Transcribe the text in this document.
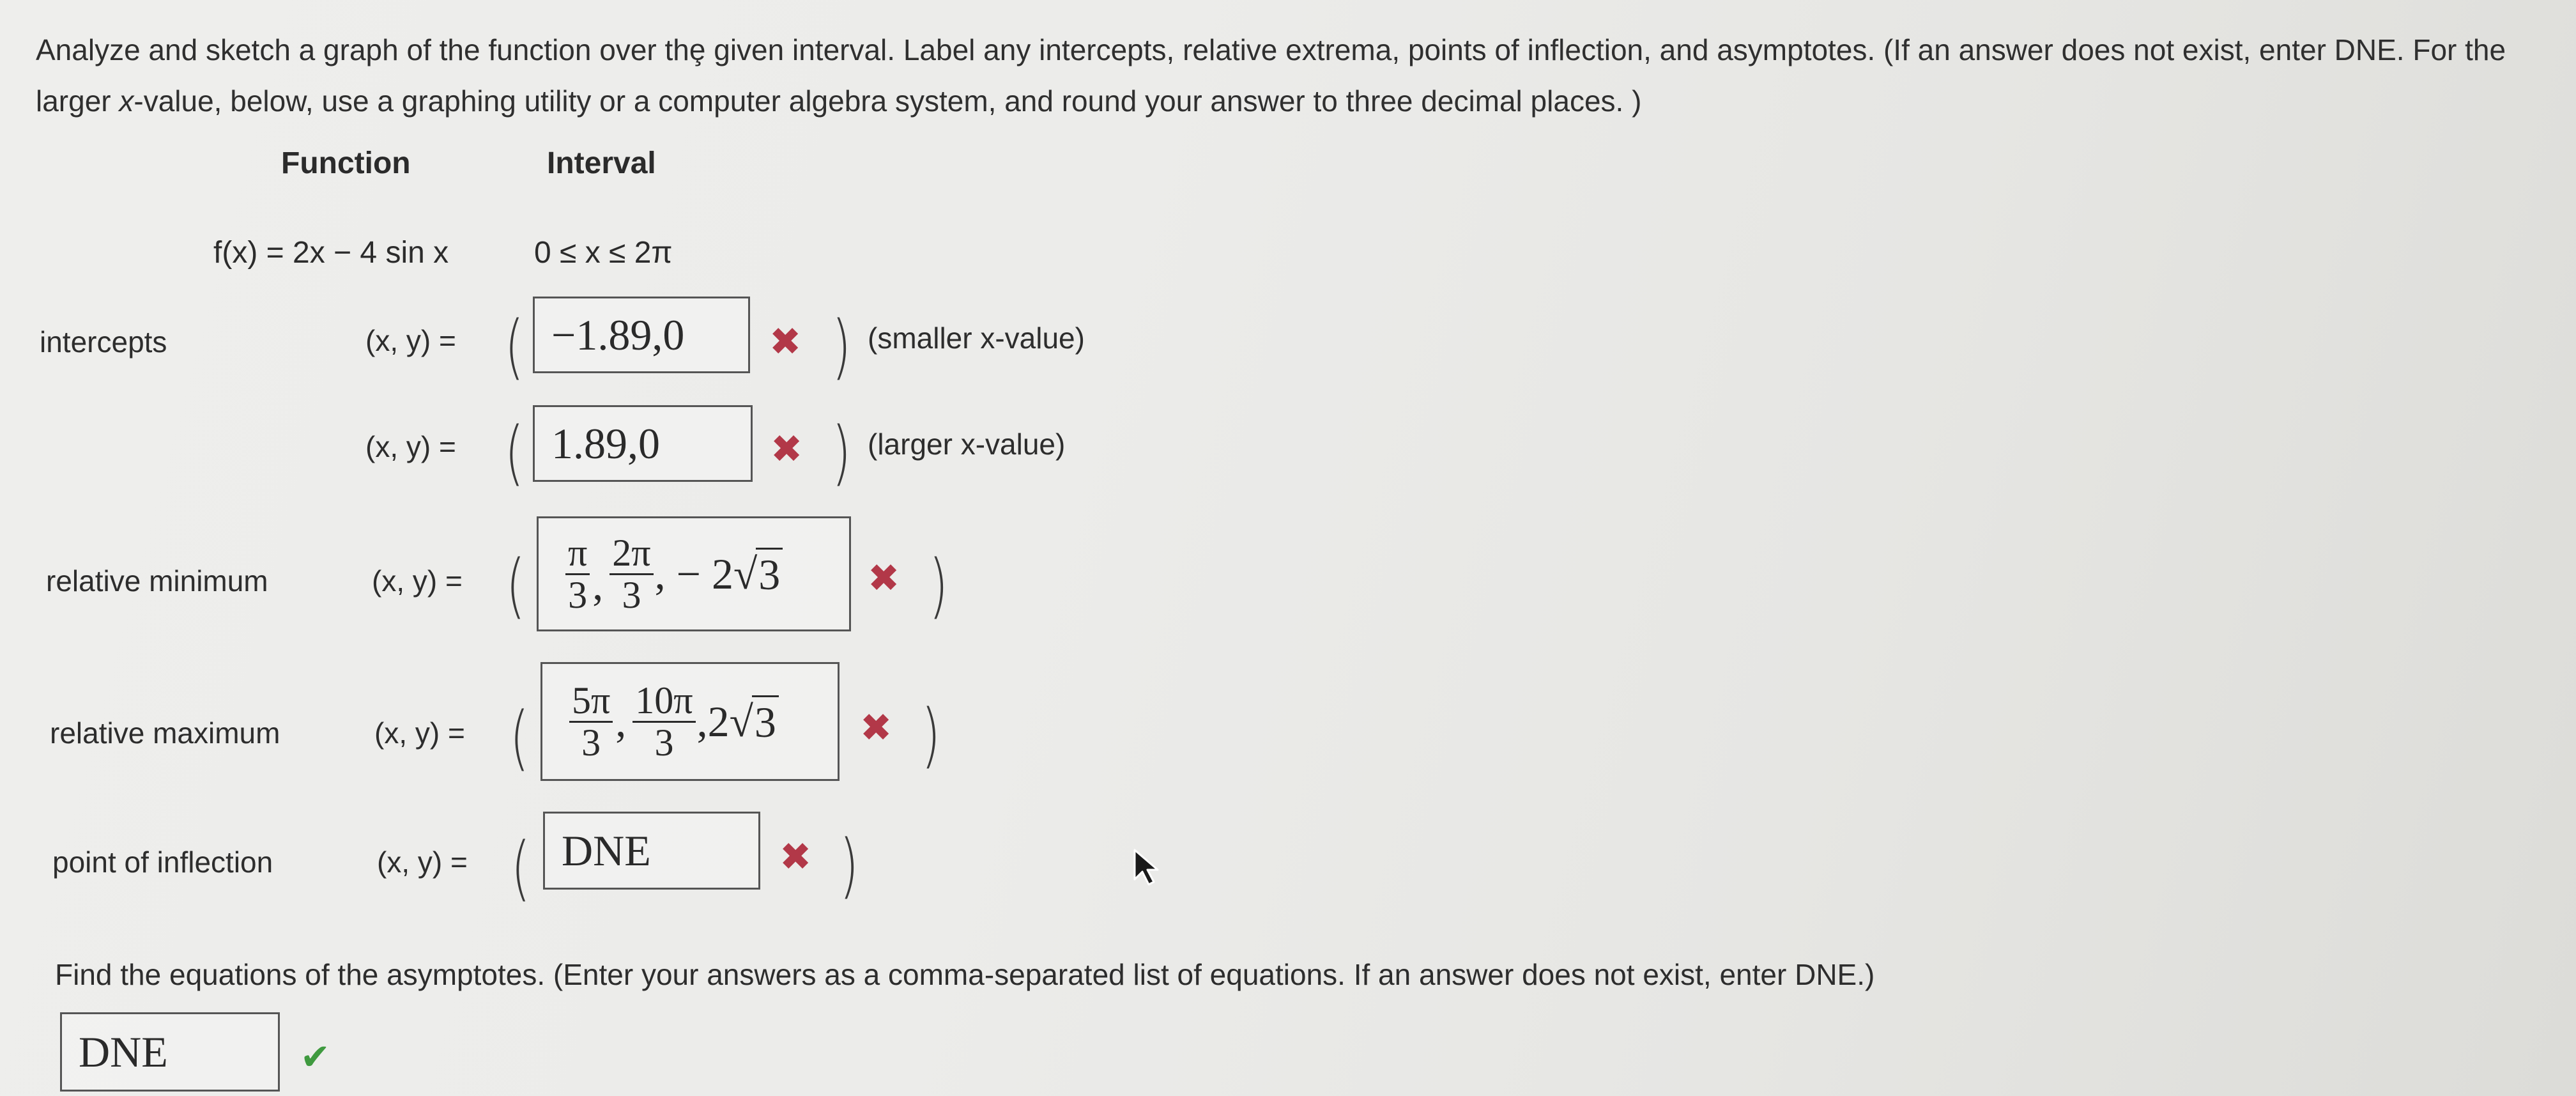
Analyze and sketch a graph of the function over thȩ given interval. Label any intercepts, relative extrema, points of inflection, and asymptotes. (If an answer does not exist, enter DNE. For the larger x-value, below, use a graphing utility or a computer algebra system, and round your answer to three decimal places. )
Function	Interval
f(x) = 2x − 4 sin x	0 ≤ x ≤ 2π
intercepts	(x, y) = ( −1.89,0	✖ ) (smaller x-value)
(x, y) = ( 1.89,0	✖ ) (larger x-value)
relative minimum	(x, y) = ( $\frac{\pi}{3}$ , $\frac{2\pi}{3}$ , − 2 √ 3 ✖ )
relative maximum	(x, y) = ( $\frac{5\pi}{3}$ , $\frac{10\pi}{3} ,2$ √ 3 ✖ )
point of inflection	(x, y) = ( DNE	✖ )
Find the equations of the asymptotes. (Enter your answers as a comma-separated list of equations. If an answer does not exist, enter DNE.)
DNE	✔
